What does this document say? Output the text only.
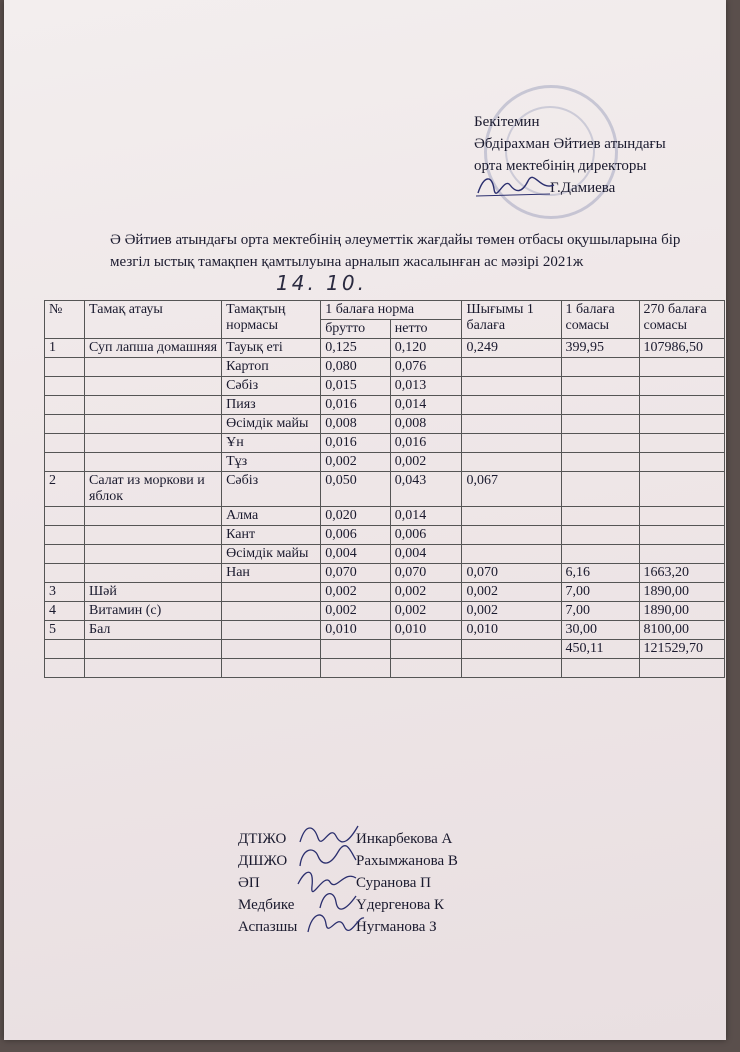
Бекітемин
Әбдірахман Әйтиев атындағы
орта мектебінің директоры
Г.Дамиева
Ә Әйтиев атындағы орта мектебінің әлеуметтік жағдайы төмен отбасы оқушыларына бір мезгіл ыстық тамақпен қамтылуына арналып жасалынған ас мәзірі 2021ж
14. 10.
№	Тамақ атауы	Тамақтың нормасы	1 балаға норма		Шығымы 1 балаға	1 балаға сомасы	270 балаға сомасы
			брутто	нетто			
1	Суп лапша домашняя	Тауық еті	0,125	0,120	0,249	399,95	107986,50
		Картоп	0,080	0,076			
		Сәбіз	0,015	0,013			
		Пияз	0,016	0,014			
		Өсімдік майы	0,008	0,008			
		Ұн	0,016	0,016			
		Тұз	0,002	0,002			
2	Салат из моркови и яблок	Сәбіз	0,050	0,043	0,067		
		Алма	0,020	0,014			
		Кант	0,006	0,006			
		Өсімдік майы	0,004	0,004			
		Нан	0,070	0,070	0,070	6,16	1663,20
3	Шәй		0,002	0,002	0,002	7,00	1890,00
4	Витамин (с)		0,002	0,002	0,002	7,00	1890,00
5	Бал		0,010	0,010	0,010	30,00	8100,00
						450,11	121529,70

ДТІЖО	Инкарбекова А
ДШЖО	Рахымжанова В
ӘП	Суранова П
Медбике	Үдергенова К
Аспазшы	Нугманова З
